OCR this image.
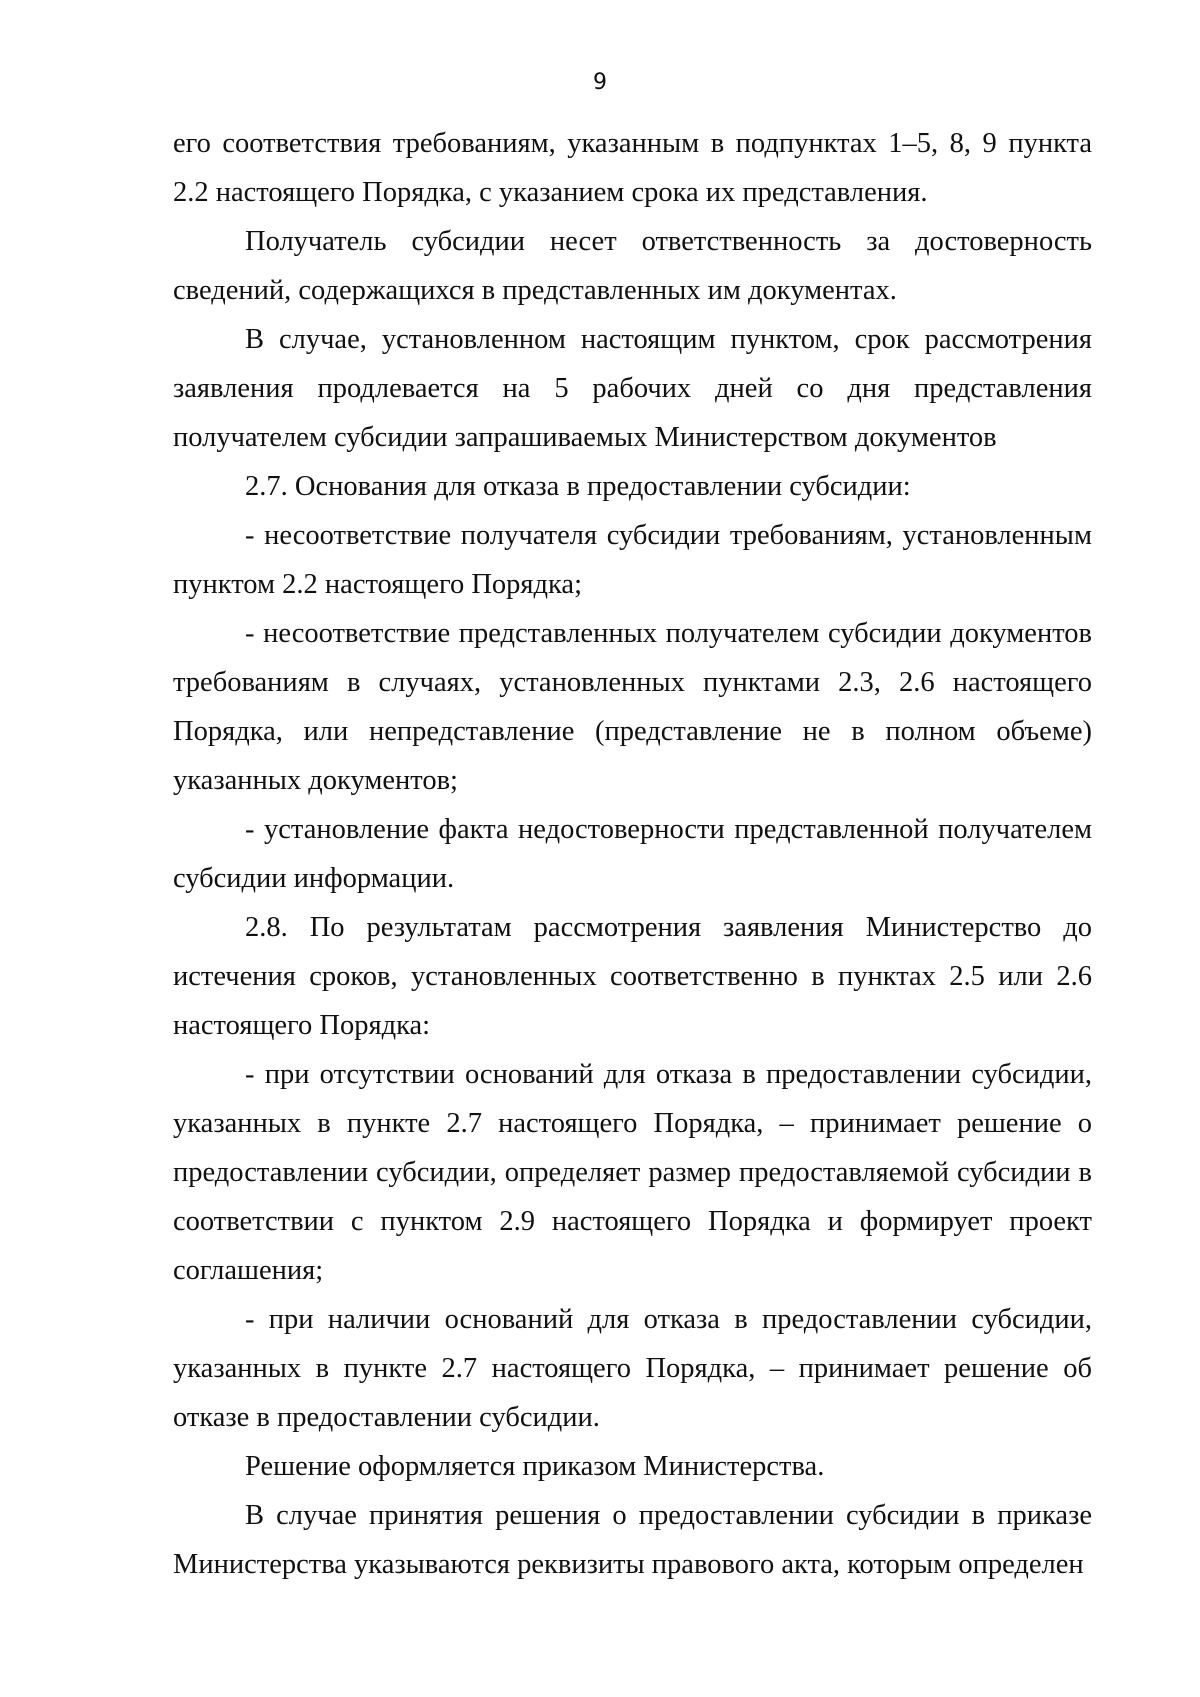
9

его соответствия требованиям, указанным в подпунктах 1–5, 8, 9 пункта 2.2 настоящего Порядка, с указанием срока их представления.

Получатель субсидии несет ответственность за достоверность сведений, содержащихся в представленных им документах.

В случае, установленном настоящим пунктом, срок рассмотрения заявления продлевается на 5 рабочих дней со дня представления получателем субсидии запрашиваемых Министерством документов

2.7. Основания для отказа в предоставлении субсидии:

- несоответствие получателя субсидии требованиям, установленным пунктом 2.2 настоящего Порядка;

- несоответствие представленных получателем субсидии документов требованиям в случаях, установленных пунктами 2.3, 2.6 настоящего Порядка, или непредставление (представление не в полном объеме) указанных документов;

- установление факта недостоверности представленной получателем субсидии информации.

2.8. По результатам рассмотрения заявления Министерство до истечения сроков, установленных соответственно в пунктах 2.5 или 2.6 настоящего Порядка:

- при отсутствии оснований для отказа в предоставлении субсидии, указанных в пункте 2.7 настоящего Порядка, – принимает решение о предоставлении субсидии, определяет размер предоставляемой субсидии в соответствии с пунктом 2.9 настоящего Порядка и формирует проект соглашения;

- при наличии оснований для отказа в предоставлении субсидии, указанных в пункте 2.7 настоящего Порядка, – принимает решение об отказе в предоставлении субсидии.

Решение оформляется приказом Министерства.

В случае принятия решения о предоставлении субсидии в приказе Министерства указываются реквизиты правового акта, которым определен
